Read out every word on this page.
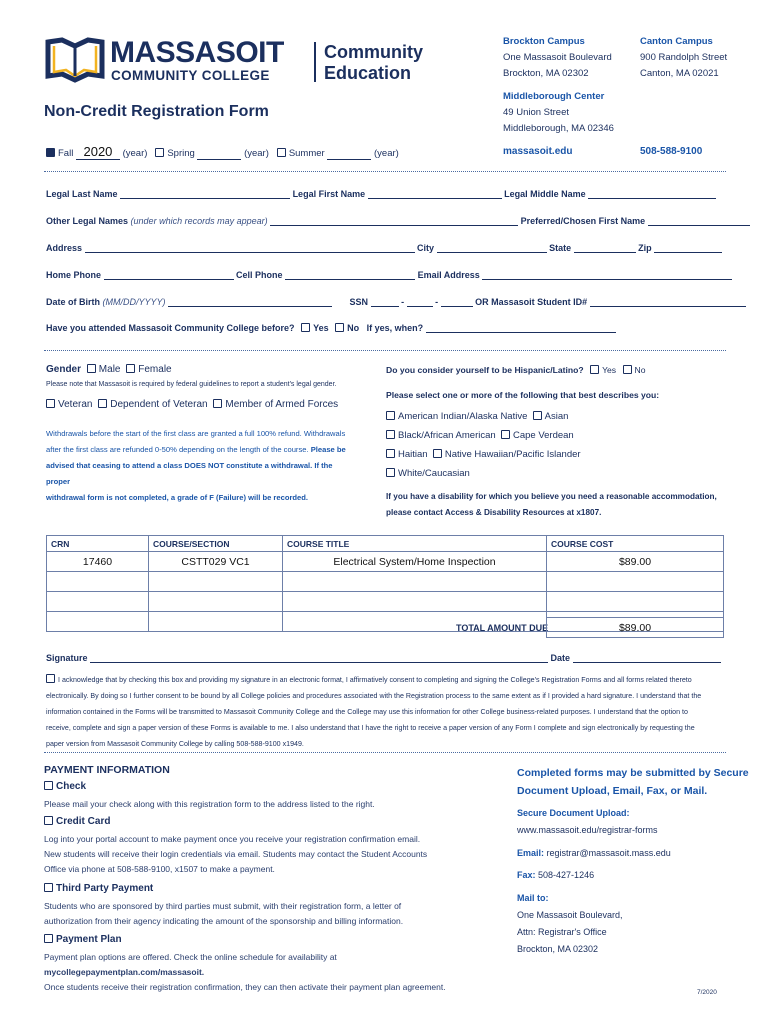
MASSASOIT
COMMUNITY COLLEGE
Community
Education
Non-Credit Registration Form
Brockton Campus
One Massasoit Boulevard
Brockton, MA 02302
Canton Campus
900 Randolph Street
Canton, MA 02021
Middleborough Center
49 Union Street
Middleborough, MA 02346
massasoit.edu	508-588-9100
Fall 2020 (year) Spring	(year) Summer	(year)
Legal Last Name	Legal First Name	Legal Middle Name
Other Legal Names (under which records may appear)	Preferred/Chosen First Name
Address	City	State	Zip
Home Phone	Cell Phone	Email Address
Date of Birth (MM/DD/YYYY)	SSN	-	-	OR Massasoit Student ID#
Have you attended Massasoit Community College before? Yes No If yes, when?
Gender Male Female
Please note that Massasoit is required by federal guidelines to report a student's legal gender.
Veteran Dependent of Veteran Member of Armed Forces
Withdrawals before the start of the first class are granted a full 100% refund. Withdrawals
after the first class are refunded 0-50% depending on the length of the course. Please be
advised that ceasing to attend a class DOES NOT constitute a withdrawal. If the proper
withdrawal form is not completed, a grade of F (Failure) will be recorded.
Do you consider yourself to be Hispanic/Latino? Yes No
Please select one or more of the following that best describes you:
American Indian/Alaska Native Asian
Black/African American Cape Verdean
Haitian Native Hawaiian/Pacific Islander
White/Caucasian
If you have a disability for which you believe you need a reasonable accommodation,
please contact Access & Disability Resources at x1807.
CRN	COURSE/SECTION	COURSE TITLE	COURSE COST
17460	CSTT029 VC1	Electrical System/Home Inspection	$89.00

TOTAL AMOUNT DUE	$89.00
Signature	Date
I acknowledge that by checking this box and providing my signature in an electronic format, I affirmatively consent to completing and signing the College's Registration Forms and all forms related thereto
electronically. By doing so I further consent to be bound by all College policies and procedures associated with the Registration process to the same extent as if I provided a hard signature. I understand that the
information contained in the Forms will be transmitted to Massasoit Community College and the College may use this information for other College business-related purposes. I understand that the option to
receive, complete and sign a paper version of these Forms is available to me. I also understand that I have the right to receive a paper version of any Form I complete and sign electronically by requesting the
paper version from Massasoit Community College by calling 508-588-9100 x1949.
PAYMENT INFORMATION
Check
Please mail your check along with this registration form to the address listed to the right.
Credit Card
Log into your portal account to make payment once you receive your registration confirmation email.
New students will receive their login credentials via email. Students may contact the Student Accounts
Office via phone at 508-588-9100, x1507 to make a payment.
Third Party Payment
Students who are sponsored by third parties must submit, with their registration form, a letter of
authorization from their agency indicating the amount of the sponsorship and billing information.
Payment Plan
Payment plan options are offered. Check the online schedule for availability at mycollegepaymentplan.com/massasoit.
Once students receive their registration confirmation, they can then activate their payment plan agreement.
Completed forms may be submitted by Secure
Document Upload, Email, Fax, or Mail.
Secure Document Upload:
www.massasoit.edu/registrar-forms
Email: registrar@massasoit.mass.edu
Fax: 508-427-1246
Mail to:
One Massasoit Boulevard,
Attn: Registrar's Office
Brockton, MA 02302
7/2020
